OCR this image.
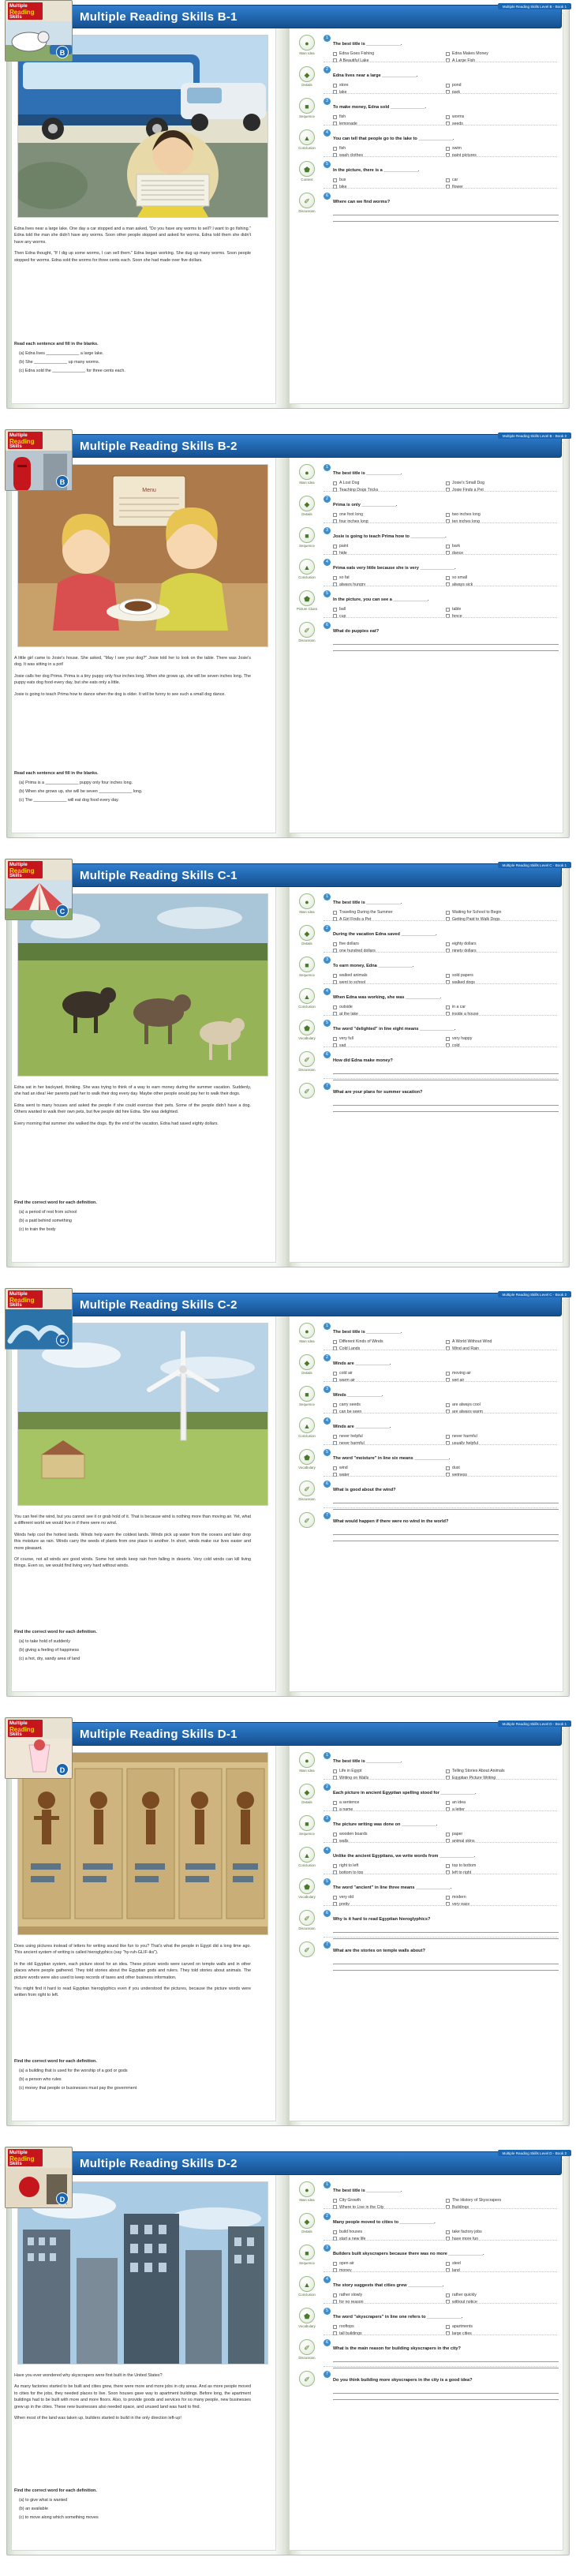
Multiple
Reading
Skills
B
Multiple Reading Skills B-1

Edna lives near a large lake. One day a car stopped and a man asked, "Do you have any worms to sell? I want to go fishing." Edna told the man she didn't have any worms. Soon other people stopped and asked for worms. Edna told them she didn't have any worms.

Then Edna thought, "If I dig up some worms, I can sell them." Edna began working. She dug up many worms. Soon people stopped for worms. Edna sold the worms for three cents each. Soon she had made over five dollars.

Read each sentence and fill in the blanks.
(a) Edna lives ______________ a large lake.
(b) She ______________ up many worms.
(c) Edna sold the ______________ for three cents each.
Multiple Reading Skills Level B - Book 1
●
Main Idea
1The best title is ______________.
Edna Goes Fishing	Edna Makes Money
A Beautiful Lake	A Large Fish
◆
Details
2Edna lives near a large ______________.
store	pond
lake	park
■
Sequence
3To make money, Edna sold ______________.
fish	worms
lemonade	seeds
▲
Conclusion
4You can tell that people go to the lake to ______________.
fish	swim
wash clothes	paint pictures
⬟
Context
5In the picture, there is a ______________.
bus	car
bike	flower
✐
Discussion
6Where can we find worms?
Multiple
Reading
Skills
B
Multiple Reading Skills B-2
Menu

A little girl came to Josie's house. She asked, "May I see your dog?" Josie told her to look on the table. There was Josie's dog. It was sitting in a pot!

Josie calls her dog Prima. Prima is a tiny puppy only four inches long. When she grows up, she will be seven inches long. The puppy eats dog food every day, but she eats only a little.

Josie is going to teach Prima how to dance when the dog is older. It will be funny to see such a small dog dance.

Read each sentence and fill in the blanks.
(a) Prima is a ______________ puppy only four inches long.
(b) When she grows up, she will be seven ______________ long.
(c) The ______________ will eat dog food every day.
Multiple Reading Skills Level B - Book 2
●
Main Idea
1The best title is ______________.
A Lost Dog	Josie's Small Dog
Teaching Dogs Tricks	Josie Finds a Pet
◆
Details
2Prima is only ______________.
one foot long	two inches long
four inches long	ten inches long
■
Sequence
3Josie is going to teach Prima how to ______________.
paint	bark
hide	dance
▲
Conclusion
4Prima eats very little because she is very ______________.
so fat	so small
always hungry	always sick
⬟
Picture Clues
5In the picture, you can see a ______________.
ball	table
cup	fence
✐
Discussion
6What do puppies eat?
Multiple
Reading
Skills
C
Multiple Reading Skills C-1

Edna sat in her backyard, thinking. She was trying to think of a way to earn money during the summer vacation. Suddenly, she had an idea! Her parents paid her to walk their dog every day. Maybe other people would pay her to walk their dogs.

Edna went to many houses and asked the people if she could exercise their pets. Some of the people didn't have a dog. Others wanted to walk their own pets, but five people did hire Edna. She was delighted.

Every morning that summer she walked the dogs. By the end of the vacation, Edna had saved eighty dollars.

Find the correct word for each definition.
(a) a period of rest from school
(b) a paid behind something
(c) to train the body
Multiple Reading Skills Level C - Book 1
●
Main Idea
1The best title is ______________.
Traveling During the Summer	Waiting for School to Begin
A Girl Finds a Pet	Getting Paid to Walk Dogs
◆
Details
2During the vacation Edna saved ______________.
five dollars	eighty dollars
one hundred dollars	ninety dollars
■
Sequence
3To earn money, Edna ______________.
walked animals	sold papers
went to school	walked dogs
▲
Conclusion
4When Edna was working, she was ______________.
outside	in a car
at the lake	inside a house
⬟
Vocabulary
5The word "delighted" in line eight means ______________.
very full	very happy
sad	cold
✐
Discussion
6How did Edna make money?
✐
7What are your plans for summer vacation?
Multiple
Reading
Skills
C
Multiple Reading Skills C-2

You can feel the wind, but you cannot see it or grab hold of it. That is because wind is nothing more than moving air. Yet, what a different world we would live in if there were no wind.

Winds help cool the hottest lands. Winds help warm the coldest lands. Winds pick up water from the oceans and later drop this moisture as rain. Winds carry the seeds of plants from one place to another. In short, winds make our lives easier and more pleasant.

Of course, not all winds are good winds. Some hot winds keep rain from falling in deserts. Very cold winds can kill living things. Even so, we would find living very hard without winds.

Find the correct word for each definition.
(a) to take hold of suddenly
(b) giving a feeling of happiness
(c) a hot, dry, sandy area of land
Multiple Reading Skills Level C - Book 2
●
Main Idea
1The best title is ______________.
Different Kinds of Winds	A World Without Wind
Cold Lands	Wind and Rain
◆
Details
2Winds are ______________.
cold air	moving air
warm air	wet air
■
Sequence
3Winds ______________.
carry seeds	are always cool
can be seen	are always warm
▲
Conclusion
4Winds are ______________.
never helpful	never harmful
never harmful	usually helpful
⬟
Vocabulary
5The word "moisture" in line six means ______________.
wind	dust
water	wetness
✐
Discussion
6What is good about the wind?
✐
7What would happen if there were no wind in the world?
Multiple
Reading
Skills
D
Multiple Reading Skills D-1

Does using pictures instead of letters for writing sound like fun to you? That's what the people in Egypt did a long time ago. This ancient system of writing is called hieroglyphics (say "hy-ruh-GLIF-iks").

In the old Egyptian system, each picture stood for an idea. These picture words were carved on temple walls and in other places where people gathered. They told stories about the Egyptian gods and rulers. They told stories about animals. The picture words were also used to keep records of taxes and other business information.

You might find it hard to read Egyptian hieroglyphics even if you understood the pictures, because the picture words were written from right to left.

Find the correct word for each definition.
(a) a building that is used for the worship of a god or gods
(b) a person who rules
(c) money that people or businesses must pay the government
Multiple Reading Skills Level D - Book 1
●
Main Idea
1The best title is ______________.
Life in Egypt	Telling Stories About Animals
Writing on Walls	Egyptian Picture Writing
◆
Details
2Each picture in ancient Egyptian spelling stood for ______________.
a sentence	an idea
a name	a letter
■
Sequence
3The picture writing was done on ______________.
wooden boards	paper
walls	animal skins
▲
Conclusion
4Unlike the ancient Egyptians, we write words from ______________.
right to left	top to bottom
bottom to top	left to right
⬟
Vocabulary
5The word "ancient" in line three means ______________.
very old	modern
pretty	very easy
✐
Discussion
6Why is it hard to read Egyptian hieroglyphics?
✐
7What are the stories on temple walls about?
Multiple
Reading
Skills
D
Multiple Reading Skills D-2

Have you ever wondered why skyscrapers were first built in the United States?

As many factories started to be built and cities grew, there were more and more jobs in city areas. And as more people moved to cities for the jobs, they needed places to live. Soon houses gave way to apartment buildings. Before long, the apartment buildings had to be built with more and more floors. Also, to provide goods and services for so many people, new businesses grew up in the cities. These new businesses also needed space, and unused land was hard to find.

When most of the land was taken up, builders started to build in the only direction left-up!

Find the correct word for each definition.
(a) to give what is wanted
(b) an available
(c) to move along which something moves
Multiple Reading Skills Level D - Book 2
●
Main Idea
1The best title is ______________.
City Growth	The History of Skyscrapers
Where to Live in the City	Buildings
◆
Details
2Many people moved to cities to ______________.
build houses	take factory jobs
start a new life	have more fun
■
Sequence
3Builders built skyscrapers because there was no more ______________.
open air	steel
money	land
▲
Conclusion
4The story suggests that cities grew ______________.
rather slowly	rather quickly
for no reason	without notice
⬟
Vocabulary
5The word "skyscrapers" in line one refers to ______________.
rooftops	apartments
tall buildings	large cities
✐
Discussion
6What is the main reason for building skyscrapers in the city?
✐
7Do you think building more skyscrapers in the city is a good idea?
